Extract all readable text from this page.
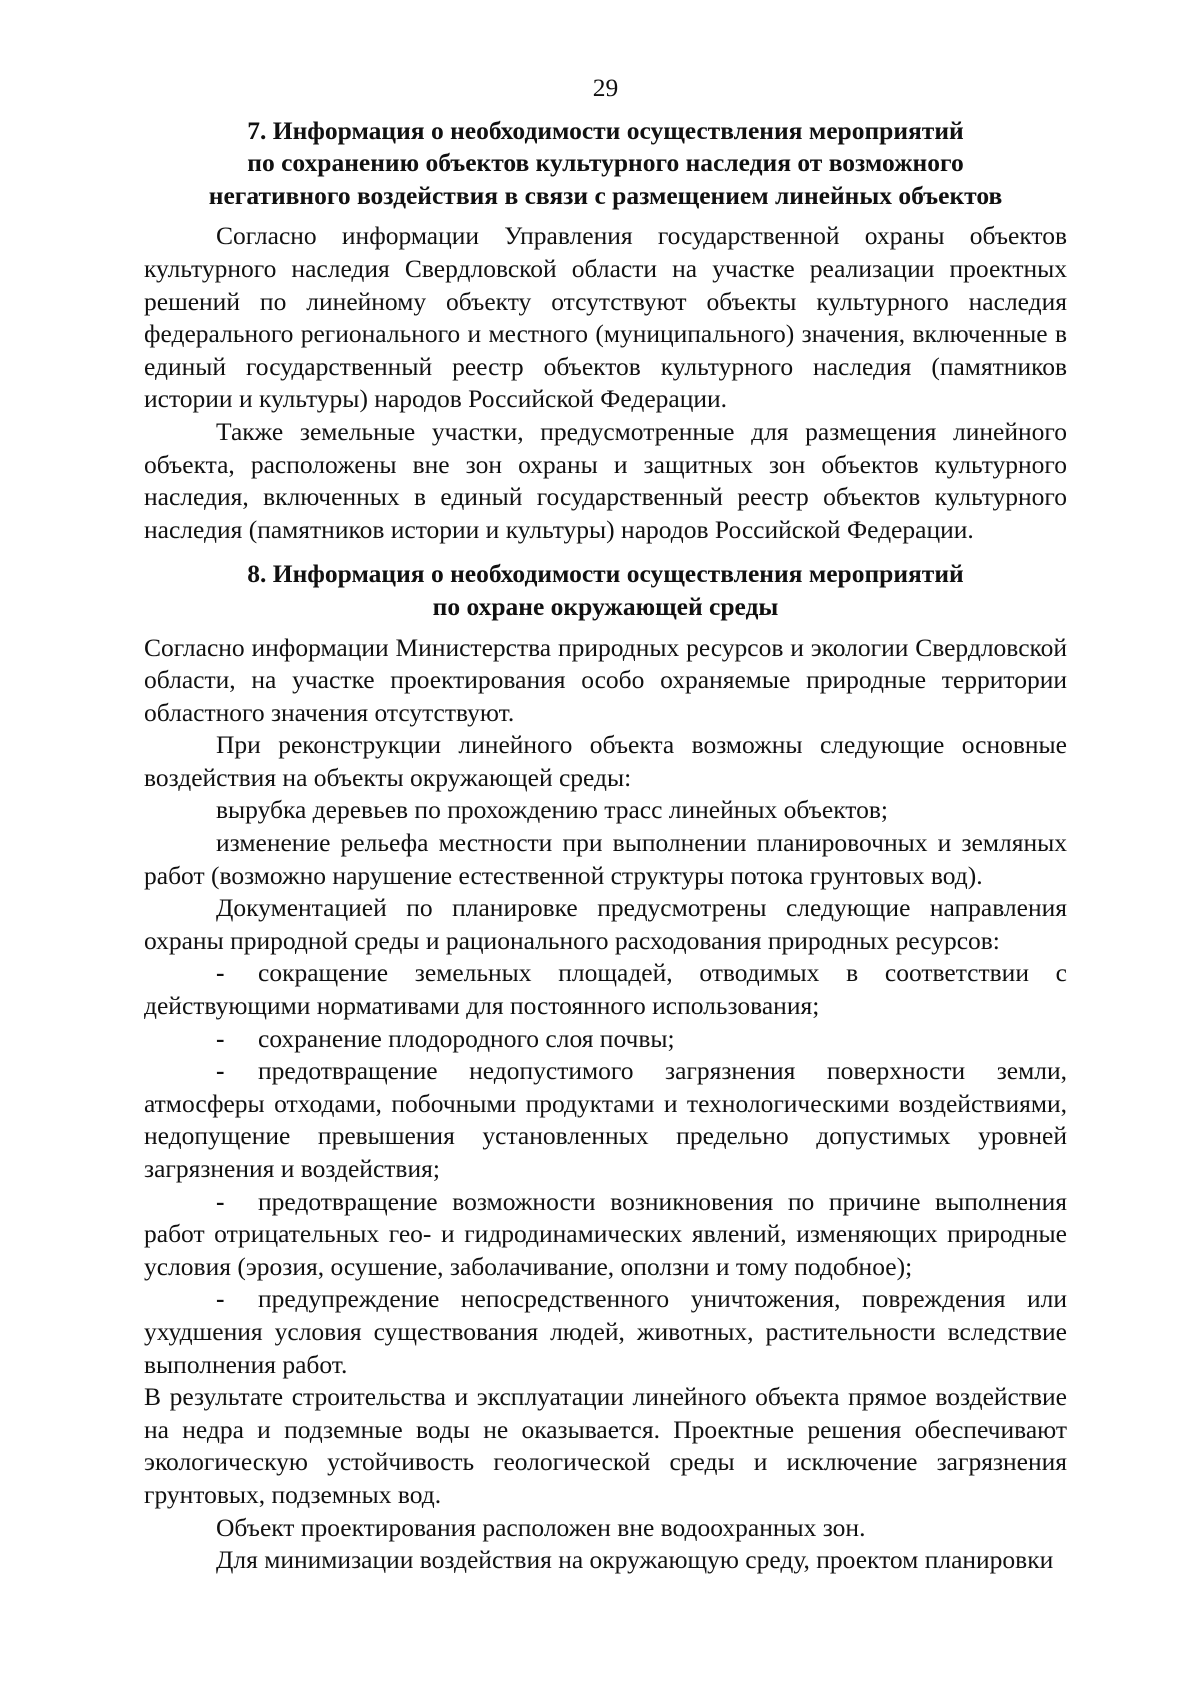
29
7. Информация о необходимости осуществления мероприятий
по сохранению объектов культурного наследия от возможного
негативного воздействия в связи с размещением линейных объектов

Согласно информации Управления государственной охраны объектов культурного наследия Свердловской области на участке реализации проектных решений по линейному объекту отсутствуют объекты культурного наследия федерального регионального и местного (муниципального) значения, включенные в единый государственный реестр объектов культурного наследия (памятников истории и культуры) народов Российской Федерации.

Также земельные участки, предусмотренные для размещения линейного объекта, расположены вне зон охраны и защитных зон объектов культурного наследия, включенных в единый государственный реестр объектов культурного наследия (памятников истории и культуры) народов Российской Федерации.

8. Информация о необходимости осуществления мероприятий
по охране окружающей среды

Согласно информации Министерства природных ресурсов и экологии Свердловской области, на участке проектирования особо охраняемые природные территории областного значения отсутствуют.

При реконструкции линейного объекта возможны следующие основные воздействия на объекты окружающей среды:

вырубка деревьев по прохождению трасс линейных объектов;

изменение рельефа местности при выполнении планировочных и земляных работ (возможно нарушение естественной структуры потока грунтовых вод).

Документацией по планировке предусмотрены следующие направления охраны природной среды и рационального расходования природных ресурсов:

- сокращение земельных площадей, отводимых в соответствии с действующими нормативами для постоянного использования;

- сохранение плодородного слоя почвы;

- предотвращение недопустимого загрязнения поверхности земли, атмосферы отходами, побочными продуктами и технологическими воздействиями, недопущение превышения установленных предельно допустимых уровней загрязнения и воздействия;

- предотвращение возможности возникновения по причине выполнения работ отрицательных гео- и гидродинамических явлений, изменяющих природные условия (эрозия, осушение, заболачивание, оползни и тому подобное);

- предупреждение непосредственного уничтожения, повреждения или ухудшения условия существования людей, животных, растительности вследствие выполнения работ.

В результате строительства и эксплуатации линейного объекта прямое воздействие на недра и подземные воды не оказывается. Проектные решения обеспечивают экологическую устойчивость геологической среды и исключение загрязнения грунтовых, подземных вод.

Объект проектирования расположен вне водоохранных зон.

Для минимизации воздействия на окружающую среду, проектом планировки
